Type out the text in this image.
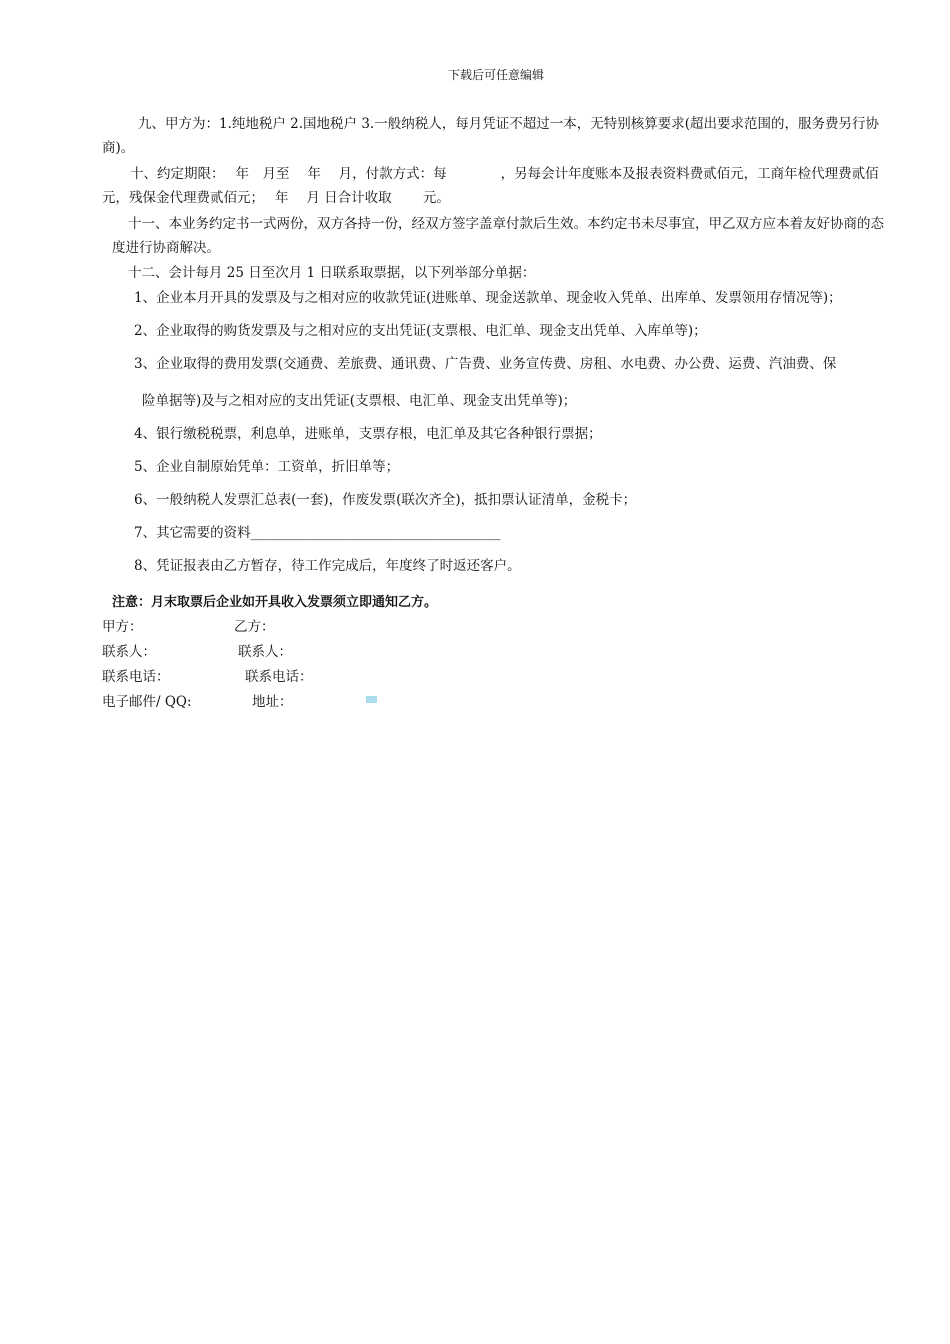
下载后可任意编辑
九、甲方为：1.纯地税户 2.国地税户 3.一般纳税人，每月凭证不超过一本，无特别核算要求(超出要求范围的，服务费另行协商)。
十、约定期限：　 年　月至　 年　 月，付款方式：每　　　　，另每会计年度账本及报表资料费贰佰元，工商年检代理费贰佰元，残保金代理费贰佰元；　 年　 月 日合计收取　　 元。
十一、本业务约定书一式两份，双方各持一份，经双方签字盖章付款后生效。本约定书未尽事宜，甲乙双方应本着友好协商的态度进行协商解决。
十二、会计每月 25 日至次月 1 日联系取票据，以下列举部分单据：
1、企业本月开具的发票及与之相对应的收款凭证(进账单、现金送款单、现金收入凭单、出库单、发票领用存情况等)；
2、企业取得的购货发票及与之相对应的支出凭证(支票根、电汇单、现金支出凭单、入库单等)；
3、企业取得的费用发票(交通费、差旅费、通讯费、广告费、业务宣传费、房租、水电费、办公费、运费、汽油费、保
险单据等)及与之相对应的支出凭证(支票根、电汇单、现金支出凭单等)；
4、银行缴税税票，利息单，进账单，支票存根，电汇单及其它各种银行票据；
5、企业自制原始凭单：工资单，折旧单等；
6、一般纳税人发票汇总表(一套)，作废发票(联次齐全)，抵扣票认证清单，金税卡；
7、其它需要的资料_____________________________________
8、凭证报表由乙方暂存，待工作完成后，年度终了时返还客户。
注意：月末取票后企业如开具收入发票须立即通知乙方。
甲方：	乙方：
联系人：	联系人：
联系电话：	联系电话：
电子邮件/ QQ:	地址：
